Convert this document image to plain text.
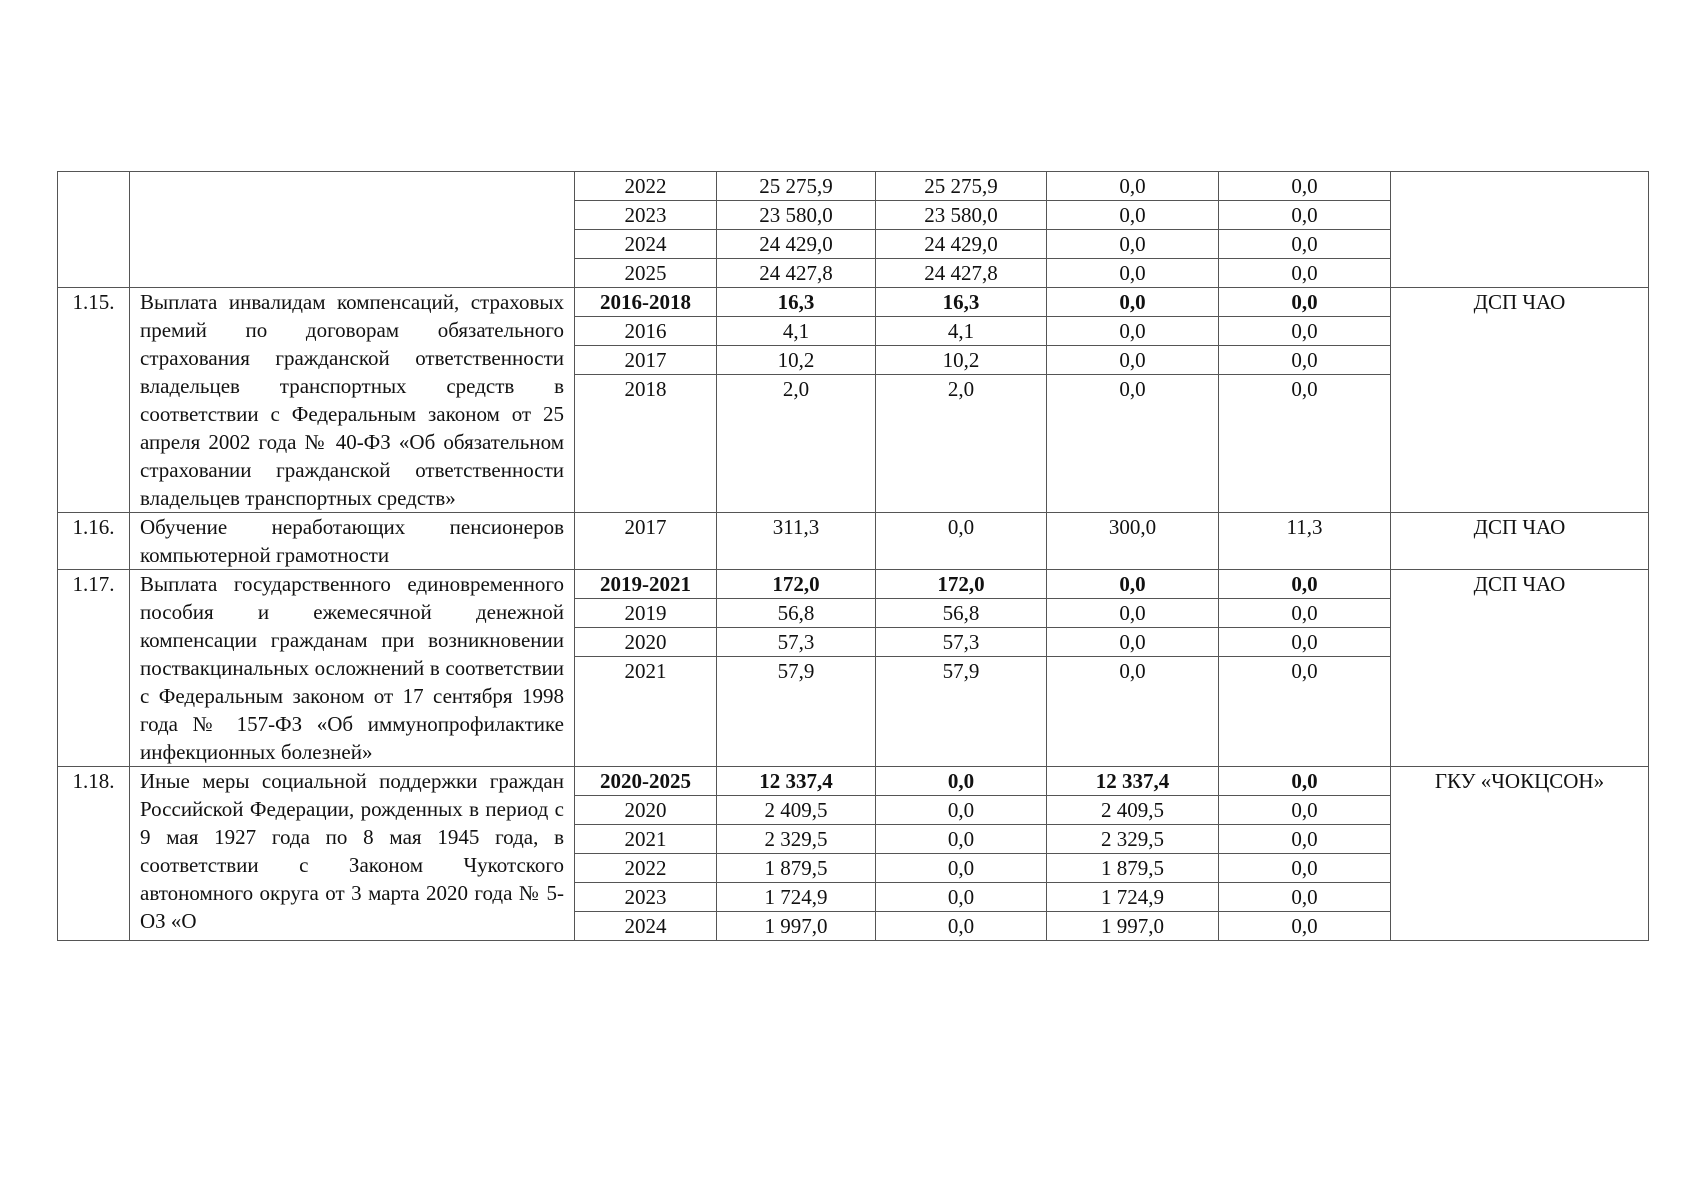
		2022	25 275,9	25 275,9	0,0	0,0	
		2023	23 580,0	23 580,0	0,0	0,0	
		2024	24 429,0	24 429,0	0,0	0,0	
		2025	24 427,8	24 427,8	0,0	0,0	
1.15.	Выплата инвалидам компенсаций, страховых премий по договорам обязательного страхования гражданской ответственности владельцев транспортных средств в соответствии с Федеральным законом от 25 апреля 2002 года № 40-ФЗ «Об обязательном страховании гражданской ответственности владельцев транспортных средств»	2016-2018	16,3	16,3	0,0	0,0	ДСП ЧАО
		2016	4,1	4,1	0,0	0,0	
		2017	10,2	10,2	0,0	0,0	
		2018	2,0	2,0	0,0	0,0	
1.16.	Обучение неработающих пенсионеров компьютерной грамотности	2017	311,3	0,0	300,0	11,3	ДСП ЧАО
1.17.	Выплата государственного единовременного пособия и ежемесячной денежной компенсации гражданам при возникновении поствакцинальных осложнений в соответствии с Федеральным законом от 17 сентября 1998 года № 157-ФЗ «Об иммунопрофилактике инфекционных болезней»	2019-2021	172,0	172,0	0,0	0,0	ДСП ЧАО
		2019	56,8	56,8	0,0	0,0	
		2020	57,3	57,3	0,0	0,0	
		2021	57,9	57,9	0,0	0,0	
1.18.	Иные меры социальной поддержки граждан Российской Федерации, рожденных в период с 9 мая 1927 года по 8 мая 1945 года, в соответствии с Законом Чукотского автономного округа от 3 марта 2020 года № 5-ОЗ «О	2020-2025	12 337,4	0,0	12 337,4	0,0	ГКУ «ЧОКЦСОН»
		2020	2 409,5	0,0	2 409,5	0,0	
		2021	2 329,5	0,0	2 329,5	0,0	
		2022	1 879,5	0,0	1 879,5	0,0	
		2023	1 724,9	0,0	1 724,9	0,0	
		2024	1 997,0	0,0	1 997,0	0,0	
